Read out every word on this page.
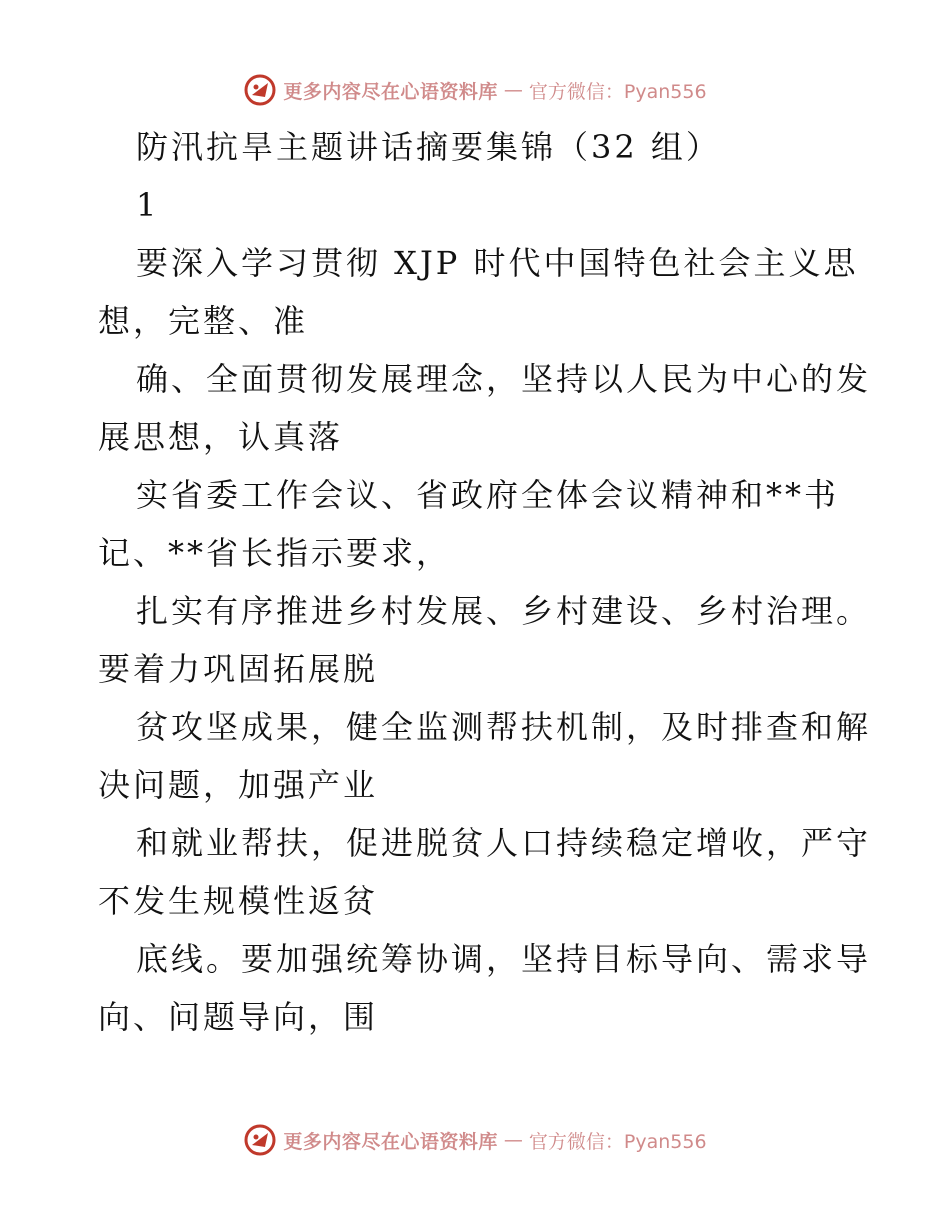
更多内容尽在心语资料库 — 官方微信：Pyan556
防汛抗旱主题讲话摘要集锦（32 组）
1
要深入学习贯彻 XJP 时代中国特色社会主义思
想，完整、准
确、全面贯彻发展理念，坚持以人民为中心的发
展思想，认真落
实省委工作会议、省政府全体会议精神和**书
记、**省长指示要求，
扎实有序推进乡村发展、乡村建设、乡村治理。
要着力巩固拓展脱
贫攻坚成果，健全监测帮扶机制，及时排查和解
决问题，加强产业
和就业帮扶，促进脱贫人口持续稳定增收，严守
不发生规模性返贫
底线。要加强统筹协调，坚持目标导向、需求导
向、问题导向，围
更多内容尽在心语资料库 — 官方微信：Pyan556
